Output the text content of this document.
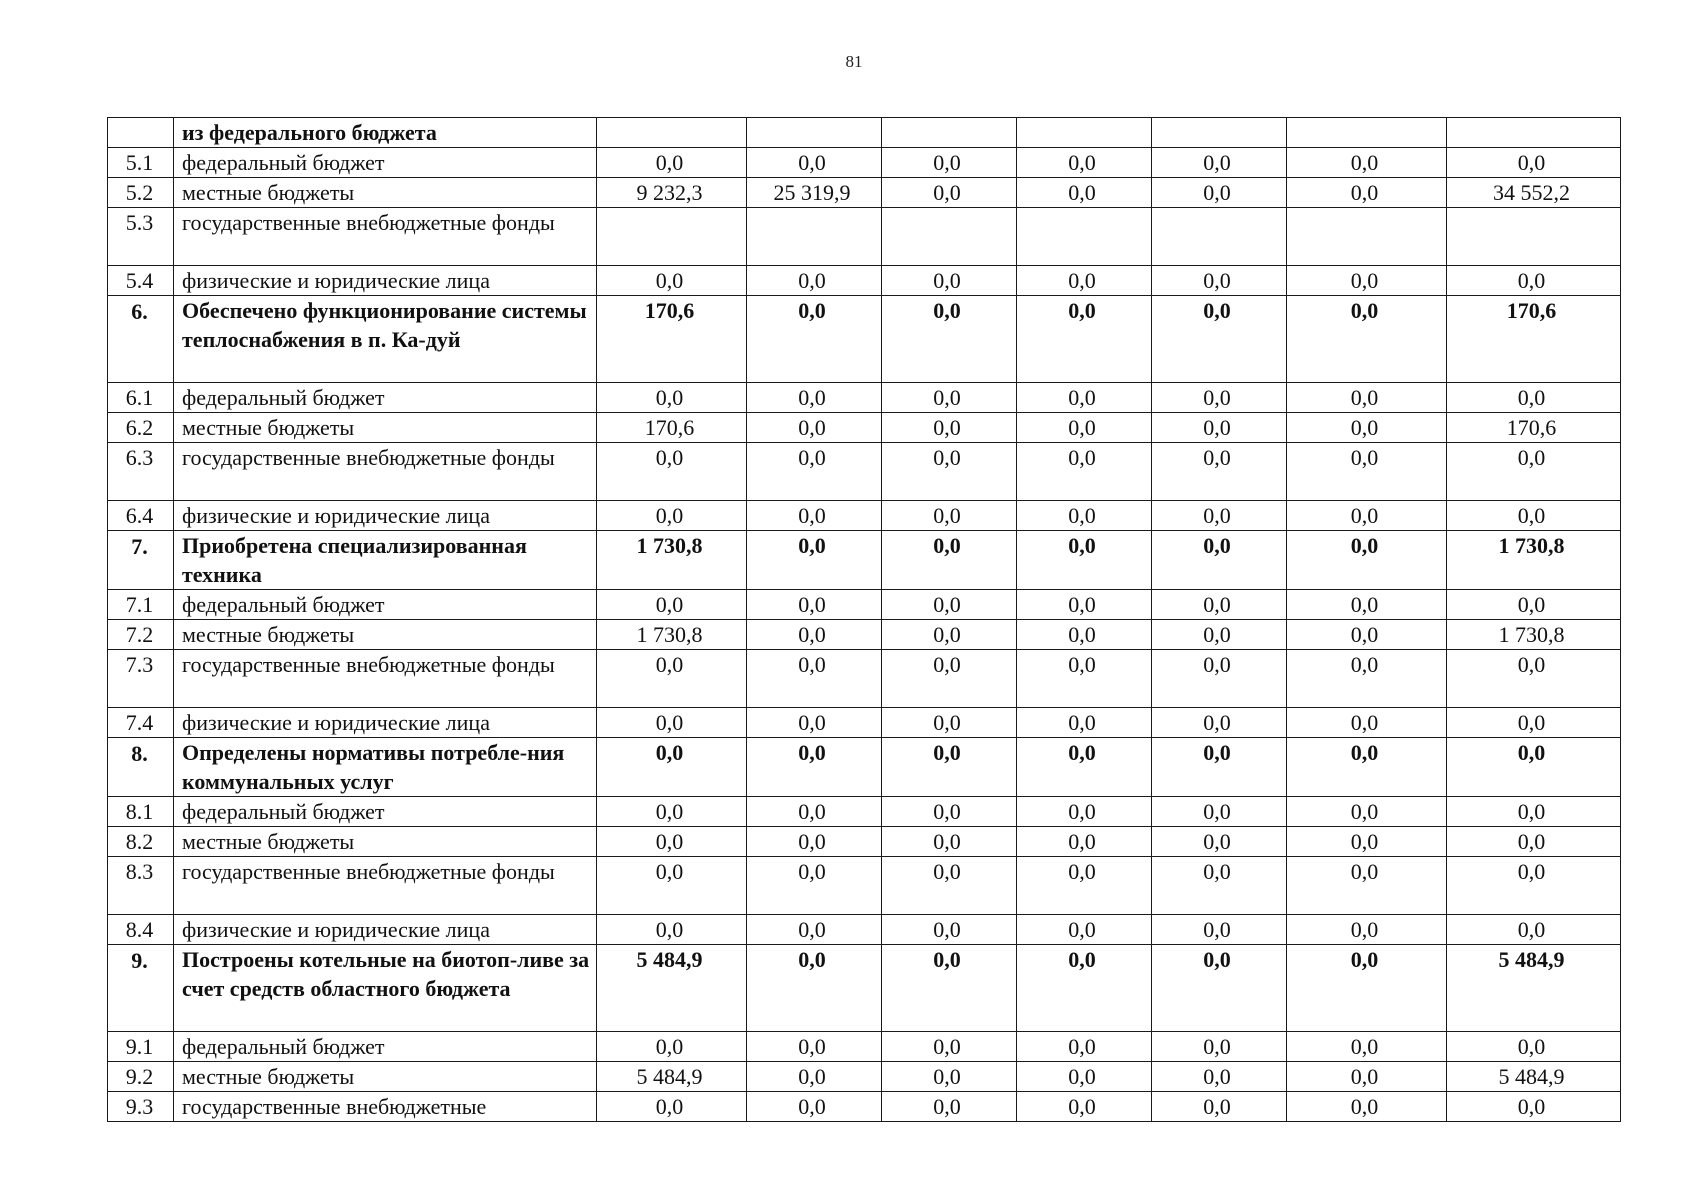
81
	из федерального бюджета							
5.1	федеральный бюджет	0,0	0,0	0,0	0,0	0,0	0,0	0,0
5.2	местные бюджеты	9 232,3	25 319,9	0,0	0,0	0,0	0,0	34 552,2
5.3	государственные внебюджетные фонды							
5.4	физические и юридические лица	0,0	0,0	0,0	0,0	0,0	0,0	0,0
6.	Обеспечено функционирование системы теплоснабжения в п. Ка-дуй	170,6	0,0	0,0	0,0	0,0	0,0	170,6
6.1	федеральный бюджет	0,0	0,0	0,0	0,0	0,0	0,0	0,0
6.2	местные бюджеты	170,6	0,0	0,0	0,0	0,0	0,0	170,6
6.3	государственные внебюджетные фонды	0,0	0,0	0,0	0,0	0,0	0,0	0,0
6.4	физические и юридические лица	0,0	0,0	0,0	0,0	0,0	0,0	0,0
7.	Приобретена специализированная техника	1 730,8	0,0	0,0	0,0	0,0	0,0	1 730,8
7.1	федеральный бюджет	0,0	0,0	0,0	0,0	0,0	0,0	0,0
7.2	местные бюджеты	1 730,8	0,0	0,0	0,0	0,0	0,0	1 730,8
7.3	государственные внебюджетные фонды	0,0	0,0	0,0	0,0	0,0	0,0	0,0
7.4	физические и юридические лица	0,0	0,0	0,0	0,0	0,0	0,0	0,0
8.	Определены нормативы потребле-ния коммунальных услуг	0,0	0,0	0,0	0,0	0,0	0,0	0,0
8.1	федеральный бюджет	0,0	0,0	0,0	0,0	0,0	0,0	0,0
8.2	местные бюджеты	0,0	0,0	0,0	0,0	0,0	0,0	0,0
8.3	государственные внебюджетные фонды	0,0	0,0	0,0	0,0	0,0	0,0	0,0
8.4	физические и юридические лица	0,0	0,0	0,0	0,0	0,0	0,0	0,0
9.	Построены котельные на биотоп-ливе за счет средств областного бюджета	5 484,9	0,0	0,0	0,0	0,0	0,0	5 484,9
9.1	федеральный бюджет	0,0	0,0	0,0	0,0	0,0	0,0	0,0
9.2	местные бюджеты	5 484,9	0,0	0,0	0,0	0,0	0,0	5 484,9
9.3	государственные внебюджетные	0,0	0,0	0,0	0,0	0,0	0,0	0,0
